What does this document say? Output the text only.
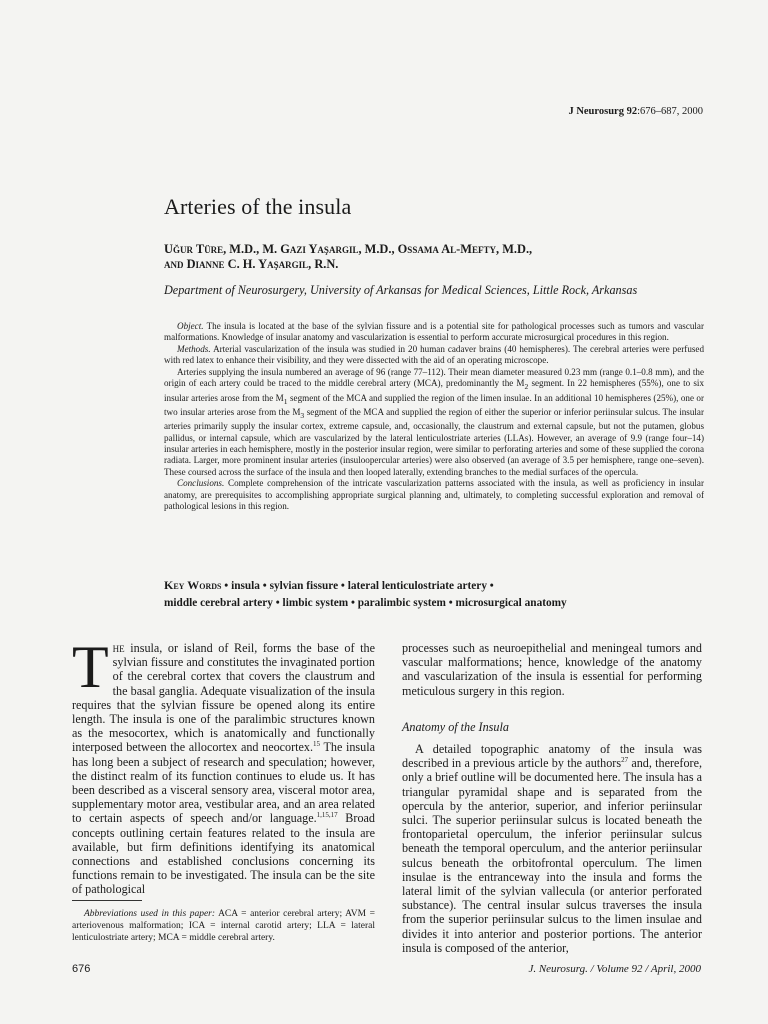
J Neurosurg 92:676–687, 2000
Arteries of the insula
Uğur Türe, M.D., M. Gazi Yaşargil, M.D., Ossama Al-Mefty, M.D.,
and Dianne C. H. Yaşargil, R.N.
Department of Neurosurgery, University of Arkansas for Medical Sciences, Little Rock, Arkansas

Object. The insula is located at the base of the sylvian fissure and is a potential site for pathological processes such as tumors and vascular malformations. Knowledge of insular anatomy and vascularization is essential to perform accurate microsurgical procedures in this region.

Methods. Arterial vascularization of the insula was studied in 20 human cadaver brains (40 hemispheres). The cerebral arteries were perfused with red latex to enhance their visibility, and they were dissected with the aid of an operating microscope.

Arteries supplying the insula numbered an average of 96 (range 77–112). Their mean diameter measured 0.23 mm (range 0.1–0.8 mm), and the origin of each artery could be traced to the middle cerebral artery (MCA), predominantly the $M_2$ segment. In 22 hemispheres (55%), one to six insular arteries arose from the $M_1$ segment of the MCA and supplied the region of the limen insulae. In an additional 10 hemispheres (25%), one or two insular arteries arose from the $M_3$ segment of the MCA and supplied the region of either the superior or inferior periinsular sulcus. The insular arteries primarily supply the insular cortex, extreme capsule, and, occasionally, the claustrum and external capsule, but not the putamen, globus pallidus, or internal capsule, which are vascularized by the lateral lenticulostriate arteries (LLAs). However, an average of 9.9 (range four–14) insular arteries in each hemisphere, mostly in the posterior insular region, were similar to perforating arteries and some of these supplied the corona radiata. Larger, more prominent insular arteries (insuloopercular arteries) were also observed (an average of 3.5 per hemisphere, range one–seven). These coursed across the surface of the insula and then looped laterally, extending branches to the medial surfaces of the opercula.

Conclusions. Complete comprehension of the intricate vascularization patterns associated with the insula, as well as proficiency in insular anatomy, are prerequisites to accomplishing appropriate surgical planning and, ultimately, to completing successful exploration and removal of pathological lesions in this region.

Key Words • insula • sylvian fissure • lateral lenticulostriate artery •
middle cerebral artery • limbic system • paralimbic system • microsurgical anatomy

The insula, or island of Reil, forms the base of the sylvian fissure and constitutes the invaginated portion of the cerebral cortex that covers the claustrum and the basal ganglia. Adequate visualization of the insula requires that the sylvian fissure be opened along its entire length. The insula is one of the paralimbic structures known as the mesocortex, which is anatomically and functionally interposed between the allocortex and neocortex.$^{15}$ The insula has long been a subject of research and speculation; however, the distinct realm of its function continues to elude us. It has been described as a visceral sensory area, visceral motor area, supplementary motor area, vestibular area, and an area related to certain aspects of speech and/or language.$^{1,15,17}$ Broad concepts outlining certain features related to the insula are available, but firm definitions identifying its anatomical connections and established conclusions concerning its functions remain to be investigated. The insula can be the site of pathological

processes such as neuroepithelial and meningeal tumors and vascular malformations; hence, knowledge of the anatomy and vascularization of the insula is essential for performing meticulous surgery in this region.

Anatomy of the Insula

A detailed topographic anatomy of the insula was described in a previous article by the authors$^{27}$ and, therefore, only a brief outline will be documented here. The insula has a triangular pyramidal shape and is separated from the opercula by the anterior, superior, and inferior periinsular sulci. The superior periinsular sulcus is located beneath the frontoparietal operculum, the inferior periinsular sulcus beneath the temporal operculum, and the anterior periinsular sulcus beneath the orbitofrontal operculum. The limen insulae is the entranceway into the insula and forms the lateral limit of the sylvian vallecula (or anterior perforated substance). The central insular sulcus traverses the insula from the superior periinsular sulcus to the limen insulae and divides it into anterior and posterior portions. The anterior insula is composed of the anterior,

Abbreviations used in this paper: ACA = anterior cerebral artery; AVM = arteriovenous malformation; ICA = internal carotid artery; LLA = lateral lenticulostriate artery; MCA = middle cerebral artery.

676	J. Neurosurg. / Volume 92 / April, 2000
